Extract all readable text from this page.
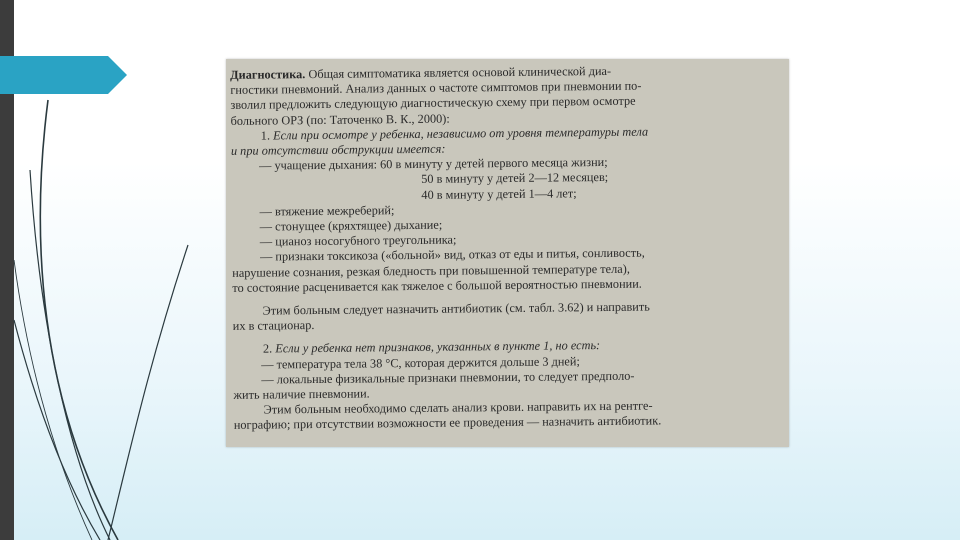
Диагностика. Общая симптоматика является основой клинической диа-

гностики пневмоний. Анализ данных о частоте симптомов при пневмонии по-

зволил предложить следующую диагностическую схему при первом осмотре

больного ОРЗ (по: Таточенко В. К., 2000):

1. Если при осмотре у ребенка, независимо от уровня температуры тела

и при отсутствии обструкции имеется:

— учащение дыхания: 60 в минуту у детей первого месяца жизни;

50 в минуту у детей 2—12 месяцев;

40 в минуту у детей 1—4 лет;

— втяжение межреберий;

— стонущее (кряхтящее) дыхание;

— цианоз носогубного треугольника;

— признаки токсикоза («больной» вид, отказ от еды и питья, сонливость,

нарушение сознания, резкая бледность при повышенной температуре тела),

то состояние расценивается как тяжелое с большой вероятностью пневмонии.

Этим больным следует назначить антибиотик (см. табл. 3.62) и направить

их в стационар.

2. Если у ребенка нет признаков, указанных в пункте 1, но есть:

— температура тела 38 °С, которая держится дольше 3 дней;

— локальные физикальные признаки пневмонии, то следует предполо-

жить наличие пневмонии.

Этим больным необходимо сделать анализ крови. направить их на рентге-

нографию; при отсутствии возможности ее проведения — назначить антибиотик.
